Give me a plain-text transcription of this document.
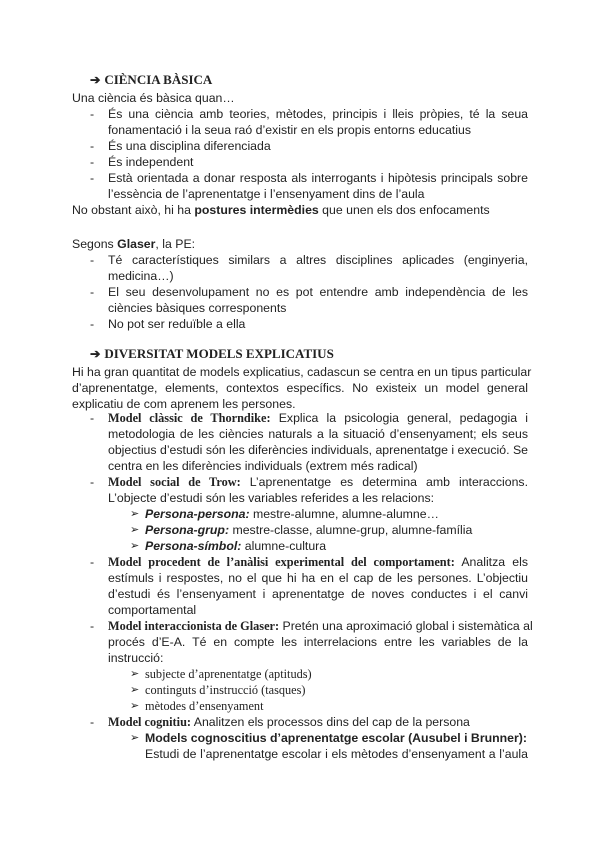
➔ CIÈNCIA BÀSICA
Una ciència és bàsica quan…
- És una ciència amb teories, mètodes, principis i lleis pròpies, té la seua
fonamentació i la seua raó d’existir en els propis entorns educatius
- És una disciplina diferenciada
- És independent
- Està orientada a donar resposta als interrogants i hipòtesis principals sobre
l’essència de l’aprenentatge i l’ensenyament dins de l’aula
No obstant això, hi ha postures intermèdies que unen els dos enfocaments
Segons Glaser, la PE:
- Té característiques similars a altres disciplines aplicades (enginyeria,
medicina…)
- El seu desenvolupament no es pot entendre amb independència de les
ciències bàsiques corresponents
- No pot ser reduïble a ella
➔ DIVERSITAT MODELS EXPLICATIUS
Hi ha gran quantitat de models explicatius, cadascun se centra en un tipus particular
d’aprenentatge, elements, contextos específics. No existeix un model general
explicatiu de com aprenem les persones.
- Model clàssic de Thorndike: Explica la psicologia general, pedagogia i
metodologia de les ciències naturals a la situació d’ensenyament; els seus
objectius d’estudi són les diferències individuals, aprenentatge i execució. Se
centra en les diferències individuals (extrem més radical)
- Model social de Trow: L’aprenentatge es determina amb interaccions.
L’objecte d’estudi són les variables referides a les relacions:
➢ Persona-persona: mestre-alumne, alumne-alumne…
➢ Persona-grup: mestre-classe, alumne-grup, alumne-família
➢ Persona-símbol: alumne-cultura
- Model procedent de l’anàlisi experimental del comportament: Analitza els
estímuls i respostes, no el que hi ha en el cap de les persones. L’objectiu
d’estudi és l’ensenyament i aprenentatge de noves conductes i el canvi
comportamental
- Model interaccionista de Glaser: Pretén una aproximació global i sistemàtica al
procés d’E-A. Té en compte les interrelacions entre les variables de la
instrucció:
➢ subjecte d’aprenentatge (aptituds)
➢ continguts d’instrucció (tasques)
➢ mètodes d’ensenyament
- Model cognitiu: Analitzen els processos dins del cap de la persona
➢ Models cognoscitius d’aprenentatge escolar (Ausubel i Brunner):
Estudi de l’aprenentatge escolar i els mètodes d’ensenyament a l’aula
